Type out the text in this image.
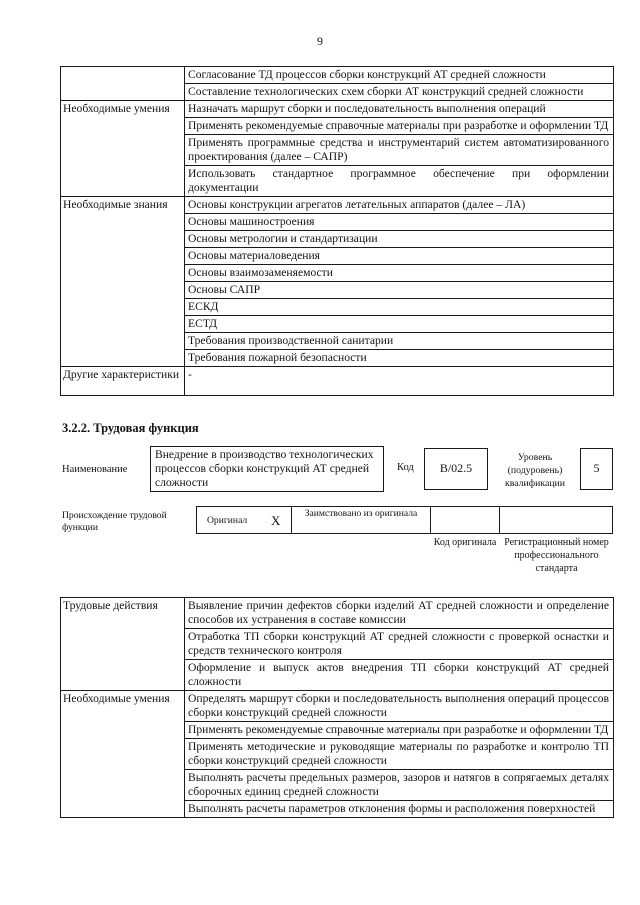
9
	Согласование ТД процессов сборки конструкций АТ средней сложности
	Составление технологических схем сборки АТ конструкций средней сложности
Необходимые умения	Назначать маршрут сборки и последовательность выполнения операций
	Применять рекомендуемые справочные материалы при разработке и оформлении ТД
	Применять программные средства и инструментарий систем автоматизированного проектирования (далее – САПР)
	Использовать стандартное программное обеспечение при оформлении документации
Необходимые знания	Основы конструкции агрегатов летательных аппаратов (далее – ЛА)
	Основы машиностроения
	Основы метрологии и стандартизации
	Основы материаловедения
	Основы взаимозаменяемости
	Основы САПР
	ЕСКД
	ЕСТД
	Требования производственной санитарии
	Требования пожарной безопасности
Другие характеристики	-
3.2.2. Трудовая функция
Наименование
Внедрение в производство технологических процессов сборки конструкций АТ средней сложности
Код	В/02.5
Уровень (подуровень) квалификации
5
Происхождение трудовой функции
Оригинал X	Заимствовано из оригинала
Код оригинала Регистрационный номер профессионального стандарта
Трудовые действия	Выявление причин дефектов сборки изделий АТ средней сложности и определение способов их устранения в составе комиссии
	Отработка ТП сборки конструкций АТ средней сложности с проверкой оснастки и средств технического контроля
	Оформление и выпуск актов внедрения ТП сборки конструкций АТ средней сложности
Необходимые умения	Определять маршрут сборки и последовательность выполнения операций процессов сборки конструкций средней сложности
	Применять рекомендуемые справочные материалы при разработке и оформлении ТД
	Применять методические и руководящие материалы по разработке и контролю ТП сборки конструкций средней сложности
	Выполнять расчеты предельных размеров, зазоров и натягов в сопрягаемых деталях сборочных единиц средней сложности
	Выполнять расчеты параметров отклонения формы и расположения поверхностей
